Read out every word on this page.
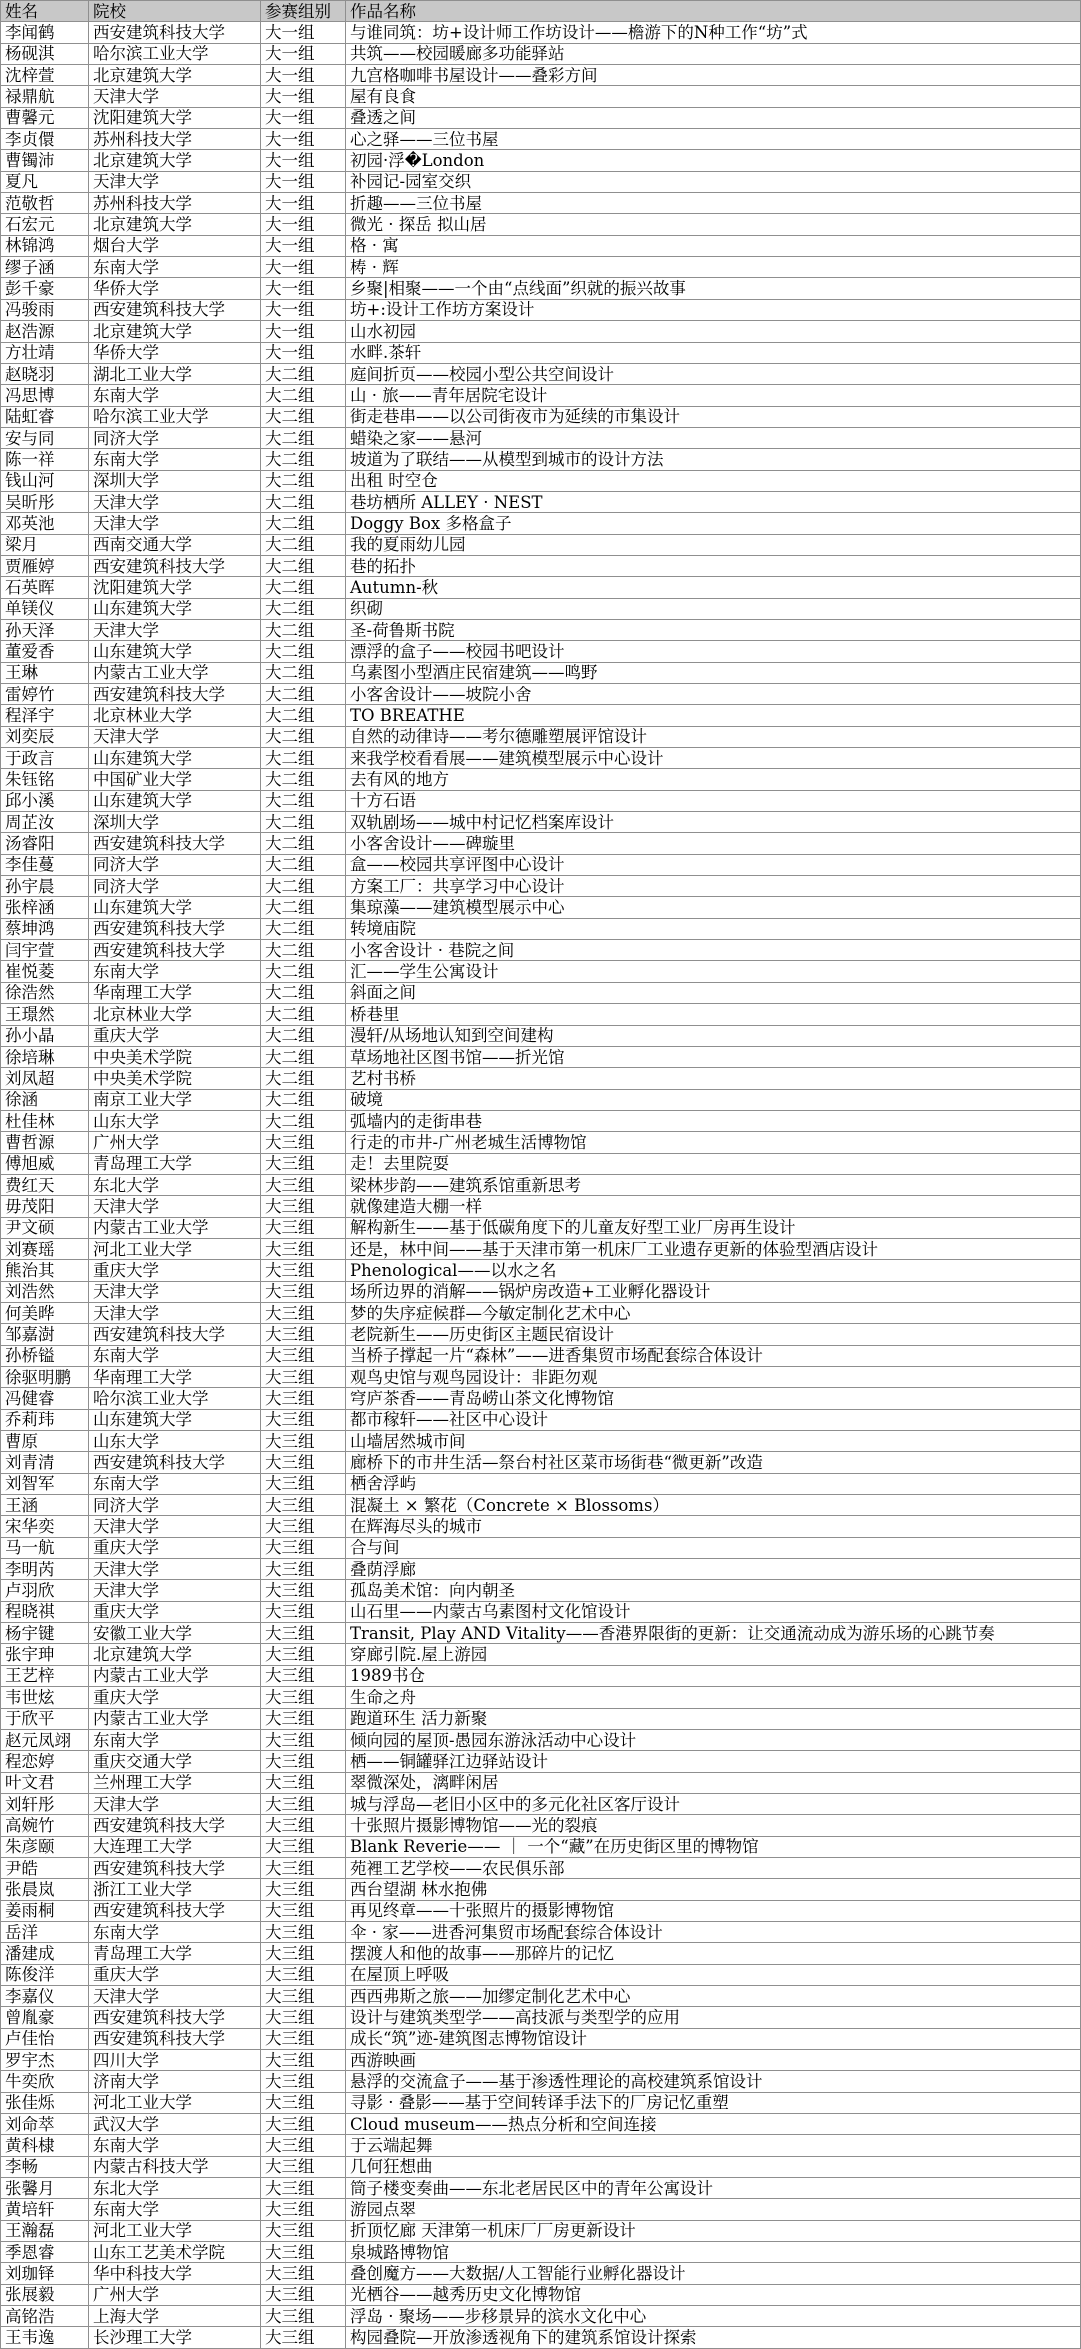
姓名	院校	参赛组别	作品名称
李闻鹤	西安建筑科技大学	大一组	与谁同筑：坊+设计师工作坊设计——檐游下的N种工作“坊”式
杨砚淇	哈尔滨工业大学	大一组	共筑——校园暖廊多功能驿站
沈梓萱	北京建筑大学	大一组	九宫格咖啡书屋设计——叠彩方间
禄鼎航	天津大学	大一组	屋有良食
曹馨元	沈阳建筑大学	大一组	叠透之间
李贞儇	苏州科技大学	大一组	心之驿——三位书屋
曹镯沛	北京建筑大学	大一组	初园·浮�London
夏凡	天津大学	大一组	补园记-园室交织
范敬哲	苏州科技大学	大一组	折趣——三位书屋
石宏元	北京建筑大学	大一组	微光 · 探岳 拟山居
林锦鸿	烟台大学	大一组	格 · 寓
缪子涵	东南大学	大一组	梼 · 辉
彭千豪	华侨大学	大一组	乡聚|相聚——一个由“点线面”织就的振兴故事
冯骏雨	西安建筑科技大学	大一组	坊+:设计工作坊方案设计
赵浩源	北京建筑大学	大一组	山水初园
方壮靖	华侨大学	大一组	水畔.茶轩
赵晓羽	湖北工业大学	大二组	庭间折页——校园小型公共空间设计
冯思博	东南大学	大二组	山 · 旅——青年居院宅设计
陆虹睿	哈尔滨工业大学	大二组	街走巷串——以公司街夜市为延续的市集设计
安与同	同济大学	大二组	蜡染之家——悬河
陈一祥	东南大学	大二组	坡道为了联结——从模型到城市的设计方法
钱山河	深圳大学	大二组	出租 时空仓
吴昕彤	天津大学	大二组	巷坊栖所 ALLEY · NEST
邓英池	天津大学	大二组	Doggy Box 多格盒子
梁月	西南交通大学	大二组	我的夏雨幼儿园
贾雁婷	西安建筑科技大学	大二组	巷的拓扑
石英晖	沈阳建筑大学	大二组	Autumn-秋
单镁仪	山东建筑大学	大二组	织砌
孙天泽	天津大学	大二组	圣-荷鲁斯书院
董爱香	山东建筑大学	大二组	漂浮的盒子——校园书吧设计
王琳	内蒙古工业大学	大二组	乌素图小型酒庄民宿建筑——鸣野
雷婷竹	西安建筑科技大学	大二组	小客舍设计——坡院小舍
程泽宇	北京林业大学	大二组	TO BREATHE
刘奕辰	天津大学	大二组	自然的动律诗——考尔德雕塑展评馆设计
于政言	山东建筑大学	大二组	来我学校看看展——建筑模型展示中心设计
朱钰铭	中国矿业大学	大二组	去有风的地方
邱小溪	山东建筑大学	大二组	十方石语
周芷汝	深圳大学	大二组	双轨剧场——城中村记忆档案库设计
汤睿阳	西安建筑科技大学	大二组	小客舍设计——碑璇里
李佳蔓	同济大学	大二组	盒——校园共享评图中心设计
孙宇晨	同济大学	大二组	方案工厂：共享学习中心设计
张梓涵	山东建筑大学	大二组	集琼藻——建筑模型展示中心
蔡坤鸿	西安建筑科技大学	大二组	转境庙院
闫宇萱	西安建筑科技大学	大二组	小客舍设计 · 巷院之间
崔悦菱	东南大学	大二组	汇——学生公寓设计
徐浩然	华南理工大学	大二组	斜面之间
王璟然	北京林业大学	大二组	桥巷里
孙小晶	重庆大学	大二组	漫轩/从场地认知到空间建构
徐培琳	中央美术学院	大二组	草场地社区图书馆——折光馆
刘凤超	中央美术学院	大二组	艺村书桥
徐涵	南京工业大学	大二组	破境
杜佳林	山东大学	大二组	弧墙内的走街串巷
曹哲源	广州大学	大三组	行走的市井-广州老城生活博物馆
傅旭威	青岛理工大学	大三组	走！去里院耍
费红天	东北大学	大三组	梁林步韵——建筑系馆重新思考
毋茂阳	天津大学	大三组	就像建造大棚一样
尹文硕	内蒙古工业大学	大三组	解构新生——基于低碳角度下的儿童友好型工业厂房再生设计
刘赛瑶	河北工业大学	大三组	还是，林中间——基于天津市第一机床厂工业遗存更新的体验型酒店设计
熊治其	重庆大学	大三组	Phenological——以水之名
刘浩然	天津大学	大三组	场所边界的消解——锅炉房改造+工业孵化器设计
何美晔	天津大学	大三组	梦的失序症候群—今敏定制化艺术中心
邹嘉澍	西安建筑科技大学	大三组	老院新生——历史街区主题民宿设计
孙桥镒	东南大学	大三组	当桥子撑起一片“森林”——进香集贸市场配套综合体设计
徐驱明鹏	华南理工大学	大三组	观鸟史馆与观鸟园设计：非距勿观
冯健睿	哈尔滨工业大学	大三组	穹庐茶香——青岛崂山茶文化博物馆
乔莉玮	山东建筑大学	大三组	都市稼轩——社区中心设计
曹原	山东大学	大三组	山墙居然城市间
刘青清	西安建筑科技大学	大三组	廊桥下的市井生活—祭台村社区菜市场街巷“微更新”改造
刘智军	东南大学	大三组	栖舍浮屿
王涵	同济大学	大三组	混凝土 × 繁花（Concrete × Blossoms）
宋华奕	天津大学	大三组	在辉海尽头的城市
马一航	重庆大学	大三组	合与间
李明芮	天津大学	大三组	叠荫浮廊
卢羽欣	天津大学	大三组	孤岛美术馆：向内朝圣
程晓祺	重庆大学	大三组	山石里——内蒙古乌素图村文化馆设计
杨宇键	安徽工业大学	大三组	Transit, Play AND Vitality——香港界限街的更新：让交通流动成为游乐场的心跳节奏
张宇珅	北京建筑大学	大三组	穿廊引院.屋上游园
王艺梓	内蒙古工业大学	大三组	1989书仓
韦世炫	重庆大学	大三组	生命之舟
于欣平	内蒙古工业大学	大三组	跑道环生 活力新聚
赵元凤翊	东南大学	大三组	倾向园的屋顶-愚园东游泳活动中心设计
程恋婷	重庆交通大学	大三组	栖——铜罐驿江边驿站设计
叶文君	兰州理工大学	大三组	翠微深处，漓畔闲居
刘轩彤	天津大学	大三组	城与浮岛—老旧小区中的多元化社区客厅设计
高婉竹	西安建筑科技大学	大三组	十张照片摄影博物馆——光的裂痕
朱彦颐	大连理工大学	大三组	Blank Reverie—— ｜ 一个“藏”在历史街区里的博物馆
尹皓	西安建筑科技大学	大三组	苑裡工艺学校——农民俱乐部
张晨岚	浙江工业大学	大三组	西台望湖 林水抱佛
姜雨桐	西安建筑科技大学	大三组	再见终章——十张照片的摄影博物馆
岳洋	东南大学	大三组	伞 · 家——进香河集贸市场配套综合体设计
潘建成	青岛理工大学	大三组	摆渡人和他的故事——那碎片的记忆
陈俊洋	重庆大学	大三组	在屋顶上呼吸
李嘉仪	天津大学	大三组	西西弗斯之旅——加缪定制化艺术中心
曾胤豪	西安建筑科技大学	大三组	设计与建筑类型学——高技派与类型学的应用
卢佳怡	西安建筑科技大学	大三组	成长“筑”迹-建筑图志博物馆设计
罗宇杰	四川大学	大三组	西游映画
牛奕欣	济南大学	大三组	悬浮的交流盒子——基于渗透性理论的高校建筑系馆设计
张佳烁	河北工业大学	大三组	寻影 · 叠影——基于空间转译手法下的厂房记忆重塑
刘命萃	武汉大学	大三组	Cloud museum——热点分析和空间连接
黄科棣	东南大学	大三组	于云端起舞
李畅	内蒙古科技大学	大三组	几何狂想曲
张馨月	东北大学	大三组	筒子楼变奏曲——东北老居民区中的青年公寓设计
黄培轩	东南大学	大三组	游园点翠
王瀚磊	河北工业大学	大三组	折顶忆廊 天津第一机床厂厂房更新设计
季恩睿	山东工艺美术学院	大三组	泉城路博物馆
刘珈铎	华中科技大学	大三组	叠创魔方——大数据/人工智能行业孵化器设计
张展毅	广州大学	大三组	光栖谷——越秀历史文化博物馆
高铭浩	上海大学	大三组	浮岛 · 聚场——步移景异的滨水文化中心
王韦逸	长沙理工大学	大三组	构园叠院—开放渗透视角下的建筑系馆设计探索
